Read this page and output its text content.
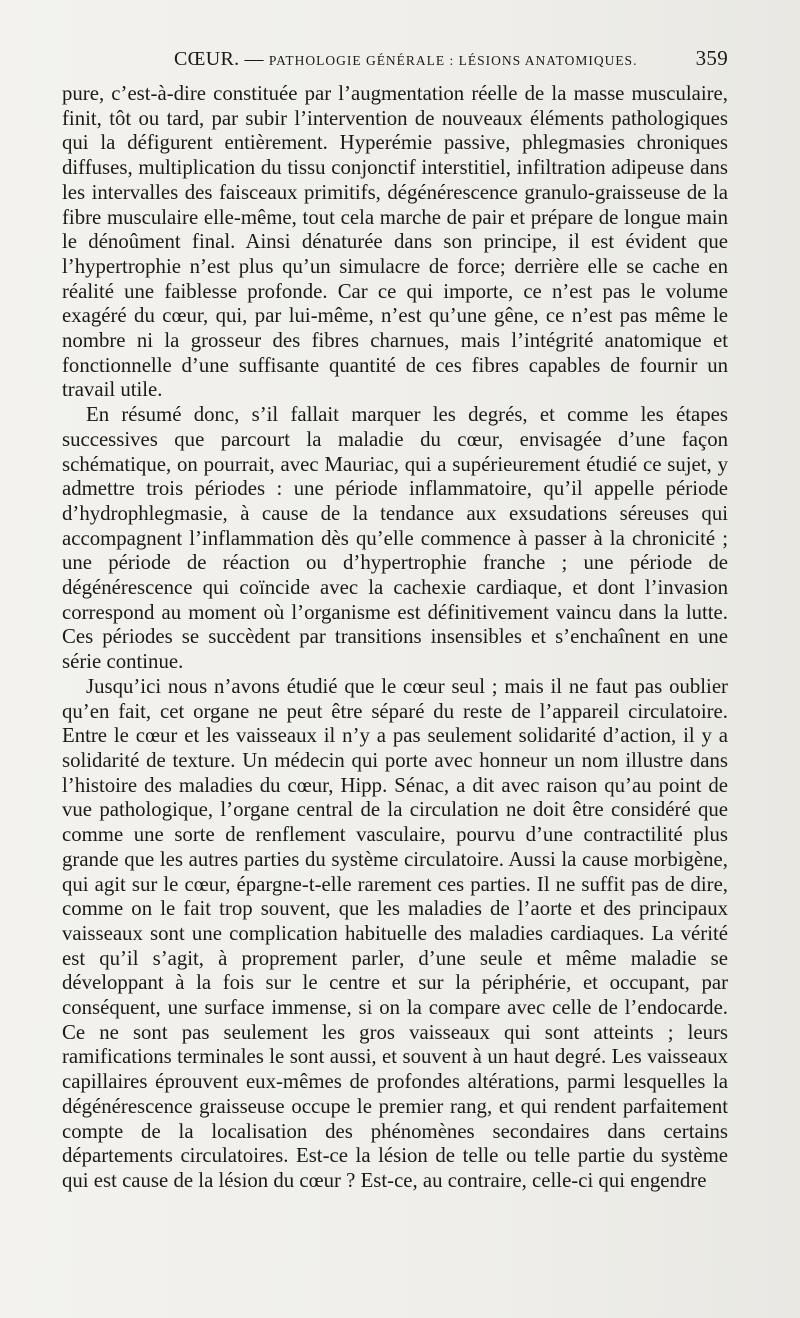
CŒUR. — PATHOLOGIE GÉNÉRALE : LÉSIONS ANATOMIQUES.	359

pure, c’est-à-dire constituée par l’augmentation réelle de la masse musculaire, finit, tôt ou tard, par subir l’intervention de nouveaux éléments pathologiques qui la défigurent entièrement. Hyperémie passive, phlegmasies chroniques diffuses, multiplication du tissu conjonctif interstitiel, infiltration adipeuse dans les intervalles des faisceaux primitifs, dégénérescence granulo-graisseuse de la fibre musculaire elle-même, tout cela marche de pair et prépare de longue main le dénoûment final. Ainsi dénaturée dans son principe, il est évident que l’hypertrophie n’est plus qu’un simulacre de force; derrière elle se cache en réalité une faiblesse profonde. Car ce qui importe, ce n’est pas le volume exagéré du cœur, qui, par lui-même, n’est qu’une gêne, ce n’est pas même le nombre ni la grosseur des fibres charnues, mais l’intégrité anatomique et fonctionnelle d’une suffisante quantité de ces fibres capables de fournir un travail utile.

En résumé donc, s’il fallait marquer les degrés, et comme les étapes successives que parcourt la maladie du cœur, envisagée d’une façon schématique, on pourrait, avec Mauriac, qui a supérieurement étudié ce sujet, y admettre trois périodes : une période inflammatoire, qu’il appelle période d’hydrophlegmasie, à cause de la tendance aux exsudations séreuses qui accompagnent l’inflammation dès qu’elle commence à passer à la chronicité ; une période de réaction ou d’hypertrophie franche ; une période de dégénérescence qui coïncide avec la cachexie cardiaque, et dont l’invasion correspond au moment où l’organisme est définitivement vaincu dans la lutte. Ces périodes se succèdent par transitions insensibles et s’enchaînent en une série continue.

Jusqu’ici nous n’avons étudié que le cœur seul ; mais il ne faut pas oublier qu’en fait, cet organe ne peut être séparé du reste de l’appareil circulatoire. Entre le cœur et les vaisseaux il n’y a pas seulement solidarité d’action, il y a solidarité de texture. Un médecin qui porte avec honneur un nom illustre dans l’histoire des maladies du cœur, Hipp. Sénac, a dit avec raison qu’au point de vue pathologique, l’organe central de la circulation ne doit être considéré que comme une sorte de renflement vasculaire, pourvu d’une contractilité plus grande que les autres parties du système circulatoire. Aussi la cause morbigène, qui agit sur le cœur, épargne-t-elle rarement ces parties. Il ne suffit pas de dire, comme on le fait trop souvent, que les maladies de l’aorte et des principaux vaisseaux sont une complication habituelle des maladies cardiaques. La vérité est qu’il s’agit, à proprement parler, d’une seule et même maladie se développant à la fois sur le centre et sur la périphérie, et occupant, par conséquent, une surface immense, si on la compare avec celle de l’endocarde. Ce ne sont pas seulement les gros vaisseaux qui sont atteints ; leurs ramifications terminales le sont aussi, et souvent à un haut degré. Les vaisseaux capillaires éprouvent eux-mêmes de profondes altérations, parmi lesquelles la dégénérescence graisseuse occupe le premier rang, et qui rendent parfaitement compte de la localisation des phénomènes secondaires dans certains départements circulatoires. Est-ce la lésion de telle ou telle partie du système qui est cause de la lésion du cœur ? Est-ce, au contraire, celle-ci qui engendre
